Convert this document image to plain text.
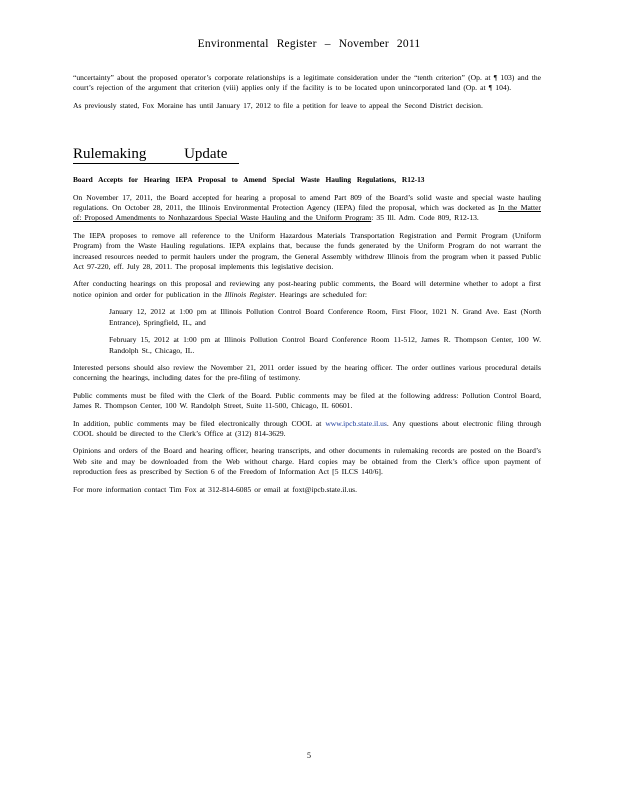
Environmental Register – November 2011

“uncertainty” about the proposed operator’s corporate relationships is a legitimate consideration under the “tenth criterion” (Op. at ¶ 103) and the court’s rejection of the argument that criterion (viii) applies only if the facility is to be located upon unincorporated land (Op. at ¶ 104).

As previously stated, Fox Moraine has until January 17, 2012 to file a petition for leave to appeal the Second District decision.

Rulemaking Update
Board Accepts for Hearing IEPA Proposal to Amend Special Waste Hauling Regulations, R12-13

On November 17, 2011, the Board accepted for hearing a proposal to amend Part 809 of the Board’s solid waste and special waste hauling regulations. On October 28, 2011, the Illinois Environmental Protection Agency (IEPA) filed the proposal, which was docketed as In the Matter of: Proposed Amendments to Nonhazardous Special Waste Hauling and the Uniform Program: 35 Ill. Adm. Code 809, R12-13.

The IEPA proposes to remove all reference to the Uniform Hazardous Materials Transportation Registration and Permit Program (Uniform Program) from the Waste Hauling regulations. IEPA explains that, because the funds generated by the Uniform Program do not warrant the increased resources needed to permit haulers under the program, the General Assembly withdrew Illinois from the program when it passed Public Act 97-220, eff. July 28, 2011. The proposal implements this legislative decision.

After conducting hearings on this proposal and reviewing any post-hearing public comments, the Board will determine whether to adopt a first notice opinion and order for publication in the Illinois Register. Hearings are scheduled for:

January 12, 2012 at 1:00 pm at Illinois Pollution Control Board Conference Room, First Floor, 1021 N. Grand Ave. East (North Entrance), Springfield, IL, and

February 15, 2012 at 1:00 pm at Illinois Pollution Control Board Conference Room 11-512, James R. Thompson Center, 100 W. Randolph St., Chicago, IL.

Interested persons should also review the November 21, 2011 order issued by the hearing officer. The order outlines various procedural details concerning the hearings, including dates for the pre-filing of testimony.

Public comments must be filed with the Clerk of the Board. Public comments may be filed at the following address: Pollution Control Board, James R. Thompson Center, 100 W. Randolph Street, Suite 11-500, Chicago, IL 60601.

In addition, public comments may be filed electronically through COOL at www.ipcb.state.il.us. Any questions about electronic filing through COOL should be directed to the Clerk’s Office at (312) 814-3629.

Opinions and orders of the Board and hearing officer, hearing transcripts, and other documents in rulemaking records are posted on the Board’s Web site and may be downloaded from the Web without charge. Hard copies may be obtained from the Clerk’s office upon payment of reproduction fees as prescribed by Section 6 of the Freedom of Information Act [5 ILCS 140/6].

For more information contact Tim Fox at 312-814-6085 or email at foxt@ipcb.state.il.us.

5
